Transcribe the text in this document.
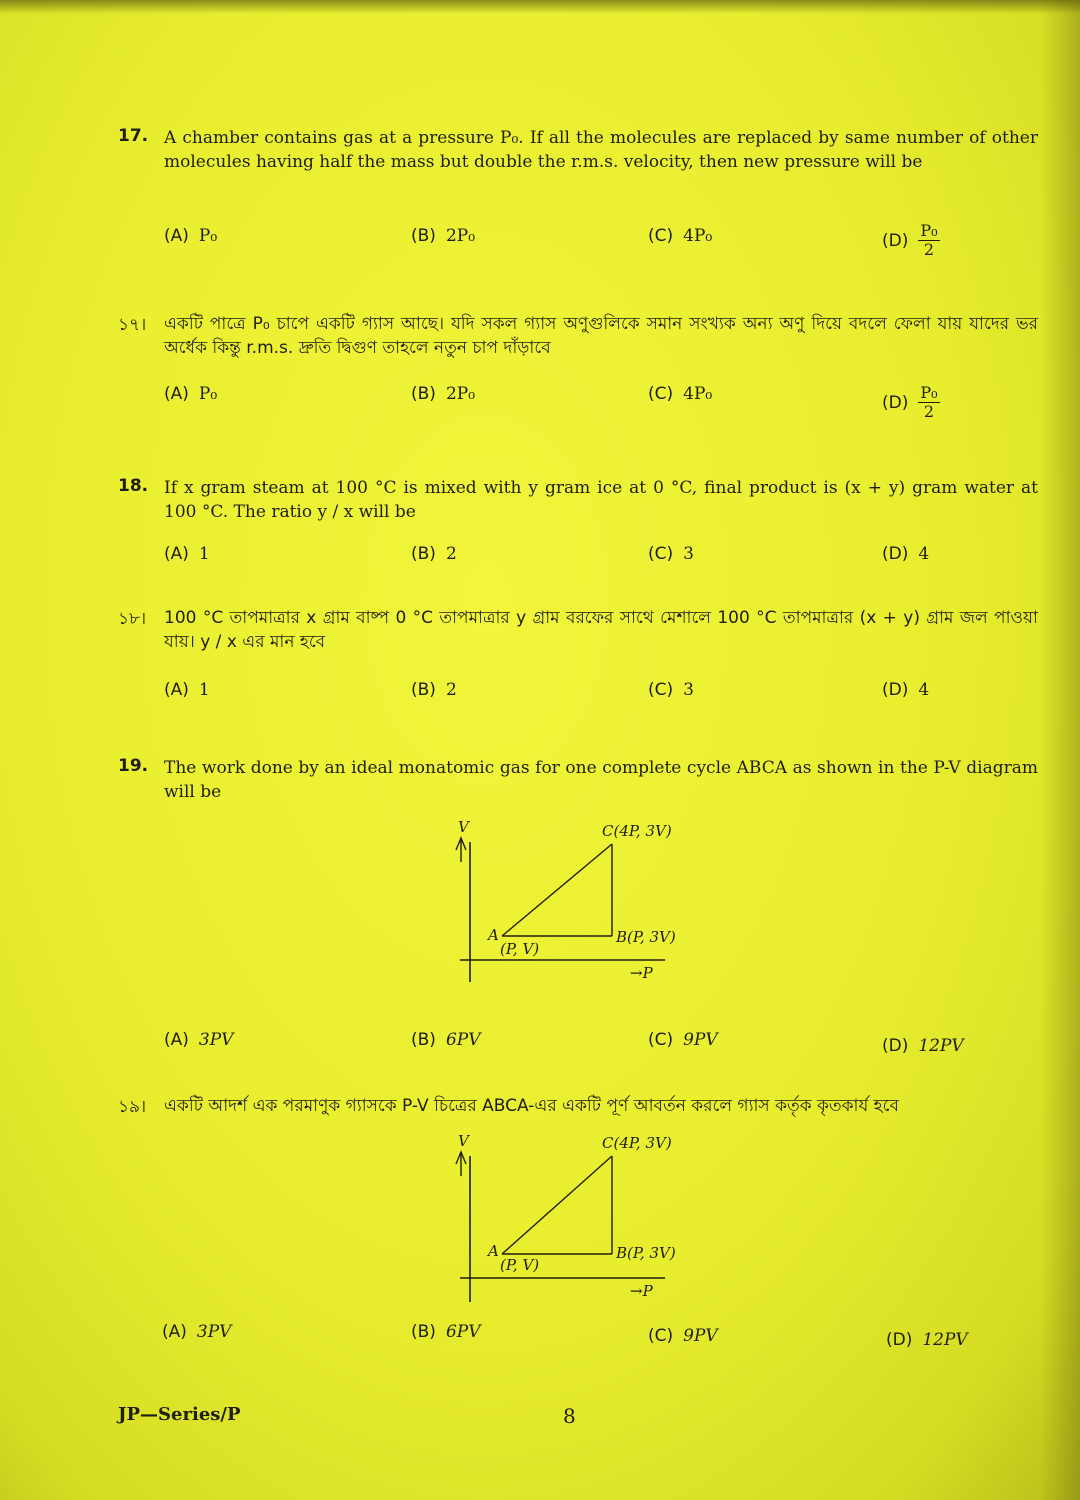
17. A chamber contains gas at a pressure P₀. If all the molecules are replaced by same number of other molecules having half the mass but double the r.m.s. velocity, then new pressure will be
(A) P₀	(B) 2P₀	(C) 4P₀	$(D) \frac{\text{P₀}}{2}$
১৭। একটি পাত্রে P₀ চাপে একটি গ্যাস আছে। যদি সকল গ্যাস অণুগুলিকে সমান সংখ্যক অন্য অণু দিয়ে বদলে ফেলা যায় যাদের ভর অর্ধেক কিন্তু r.m.s. দ্রুতি দ্বিগুণ তাহলে নতুন চাপ দাঁড়াবে
(A) P₀	(B) 2P₀	(C) 4P₀	$(D) \frac{\text{P₀}}{2}$
18. If x gram steam at 100 °C is mixed with y gram ice at 0 °C, final product is (x + y) gram water at 100 °C. The ratio y / x will be
(A) 1	(B) 2	(C) 3	(D) 4
১৮। 100 °C তাপমাত্রার x গ্রাম বাষ্প 0 °C তাপমাত্রার y গ্রাম বরফের সাথে মেশালে 100 °C তাপমাত্রার (x + y) গ্রাম জল পাওয়া যায়। y / x এর মান হবে
(A) 1	(B) 2	(C) 3	(D) 4
19. The work done by an ideal monatomic gas for one complete cycle ABCA as shown in the P-V diagram will be
V
→P
C(4P, 3V)
B(P, 3V)
A
(P, V)
(A) 3PV	(B) 6PV	(C) 9PV	(D) 12PV
১৯। একটি আদর্শ এক পরমাণুক গ্যাসকে P-V চিত্রের ABCA-এর একটি পূর্ণ আবর্তন করলে গ্যাস কর্তৃক কৃতকার্য হবে
V
→P
C(4P, 3V)
B(P, 3V)
A
(P, V)
(A) 3PV	(B) 6PV	(C) 9PV	(D) 12PV
JP—Series/P	8
